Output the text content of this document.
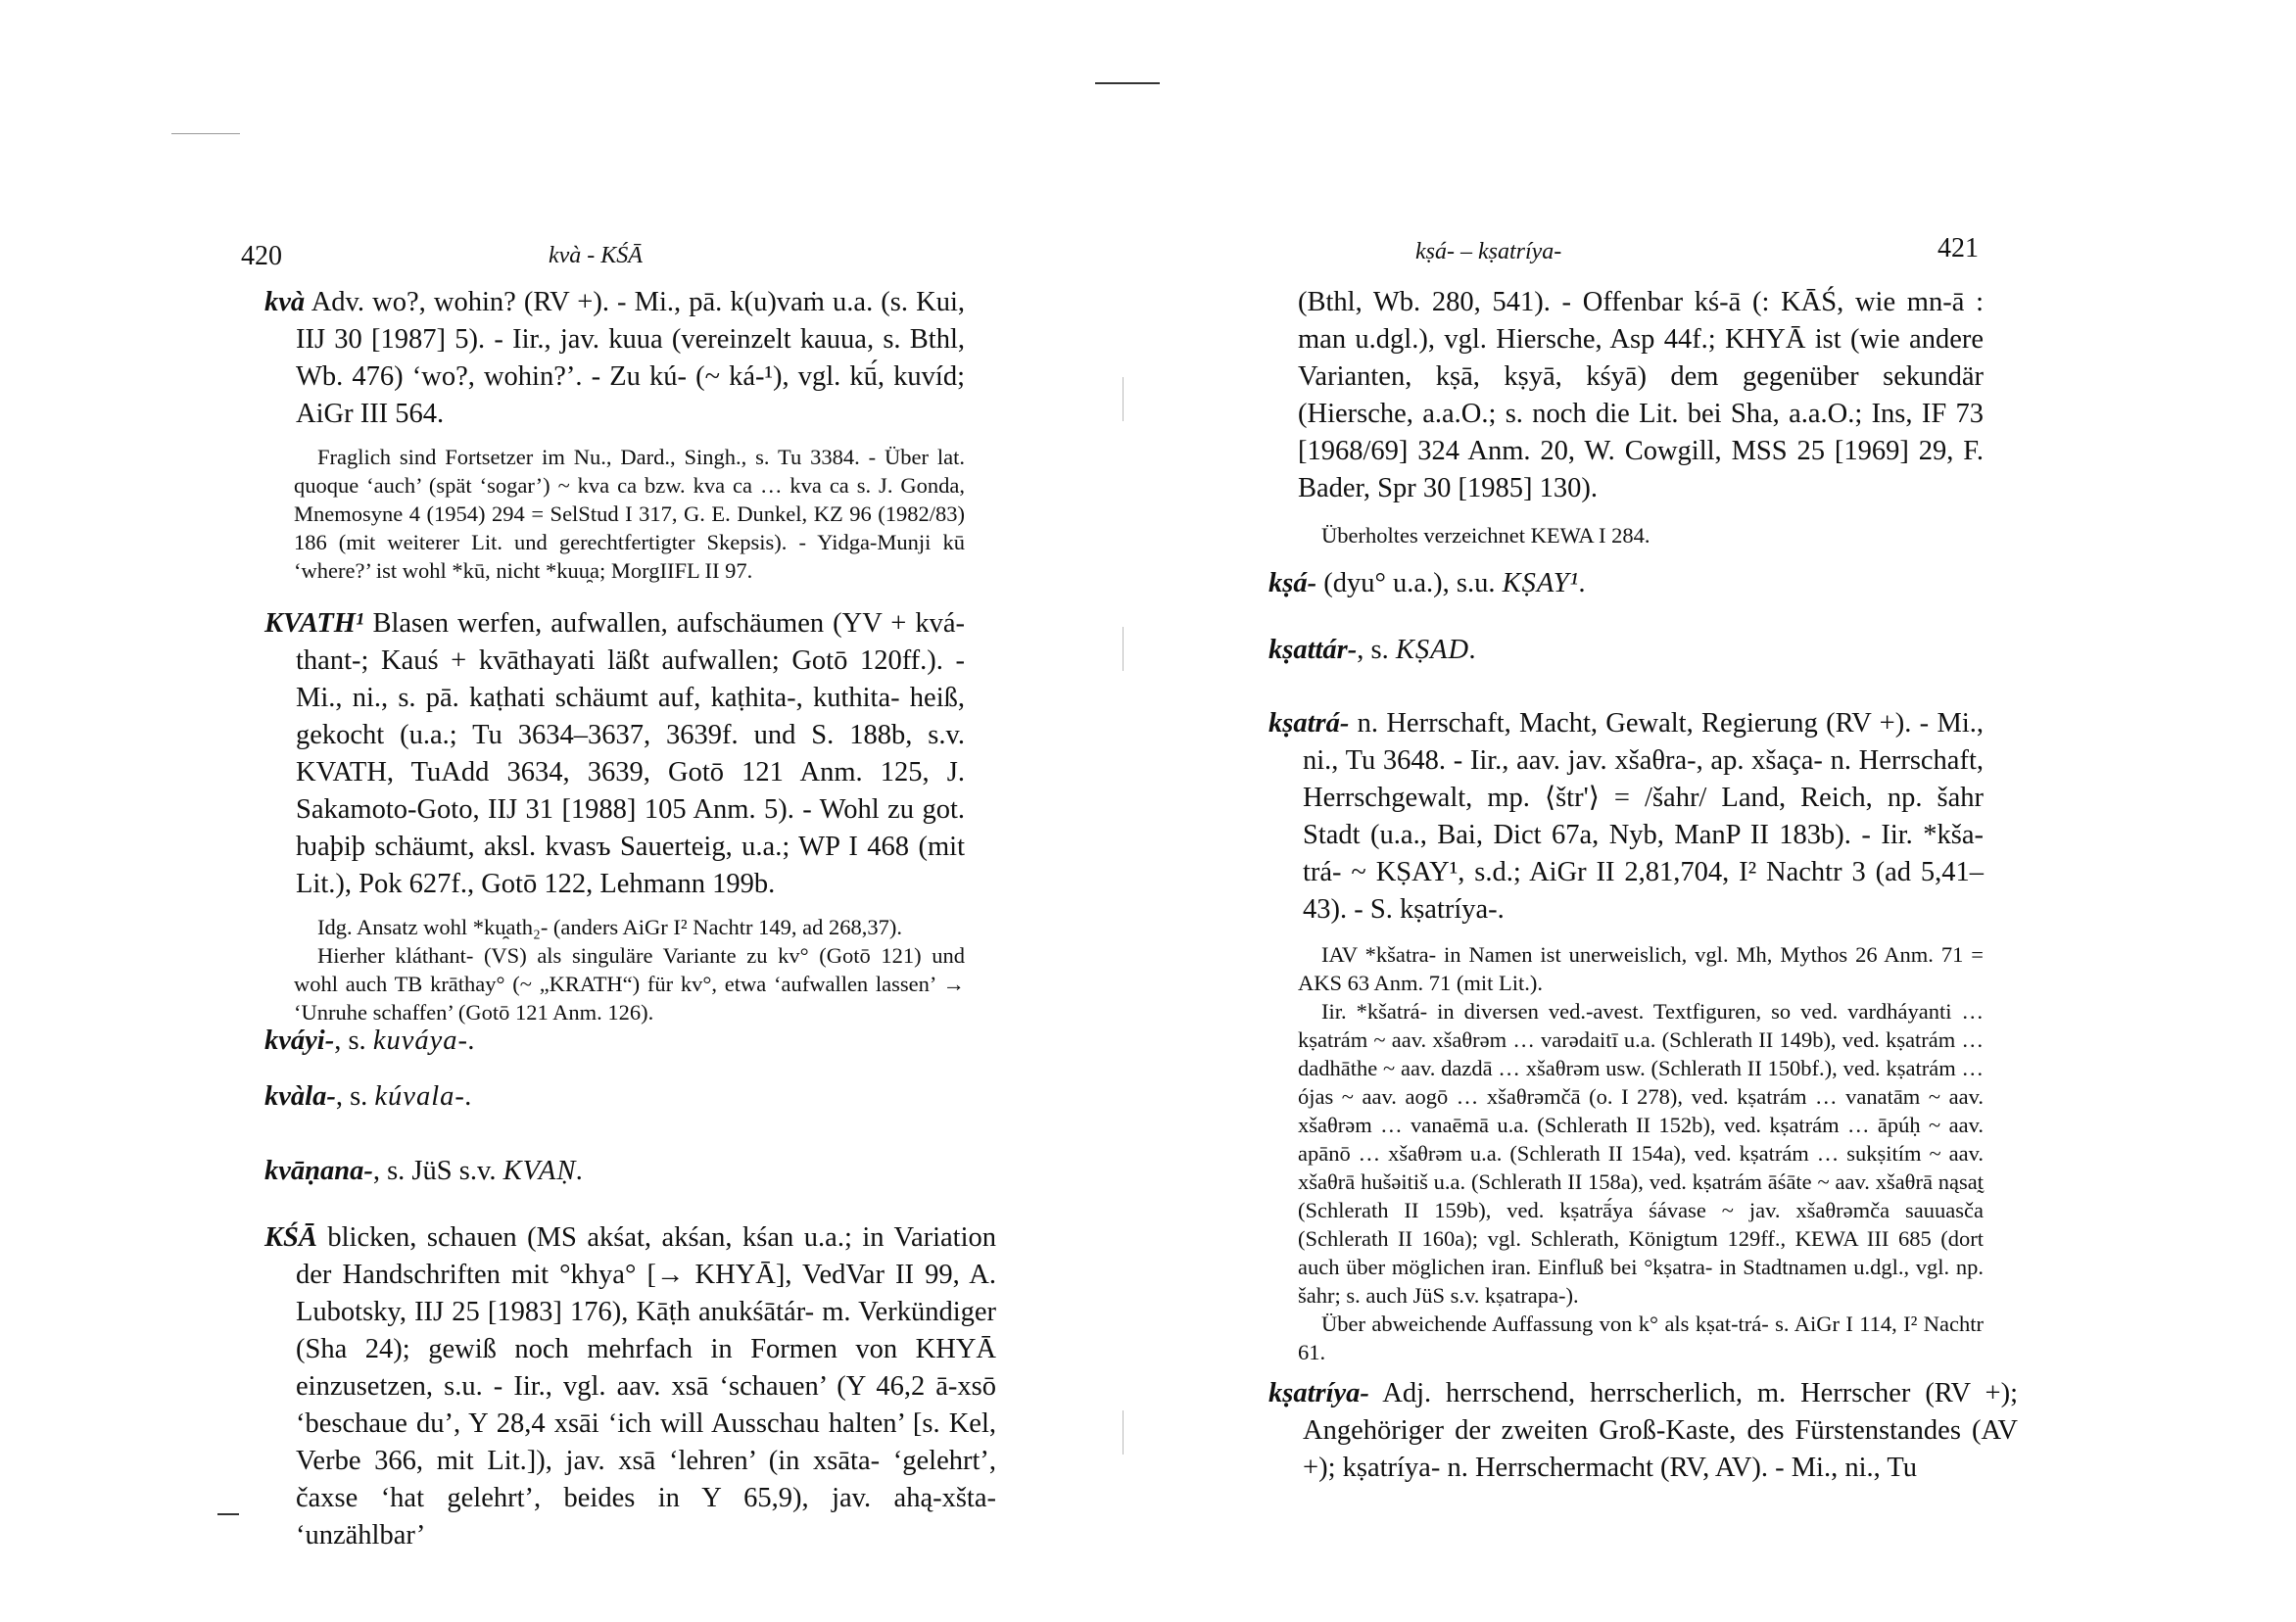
420	kvà - KŚĀ
kvà Adv. wo?, wohin? (RV +). - Mi., pā. k(u)vaṁ u.a. (s. Kui, IIJ 30 [1987] 5). - Iir., jav. kuua (vereinzelt kauua, s. Bthl, Wb. 476) ‘wo?, wohin?’. - Zu kú- (~ ká-¹), vgl. kū́, kuvíd; AiGr III 564.

Fraglich sind Fortsetzer im Nu., Dard., Singh., s. Tu 3384. - Über lat. quoque ‘auch’ (spät ‘sogar’) ~ kva ca bzw. kva ca … kva ca s. J. Gonda, Mnemosyne 4 (1954) 294 = SelStud I 317, G. E. Dunkel, KZ 96 (1982/83) 186 (mit weiterer Lit. und gerechtfertigter Skepsis). - Yidga-Munji kū ‘where?’ ist wohl *kū, nicht *kuu̯a; MorgIIFL II 97.

KVATH¹ Blasen werfen, aufwallen, aufschäumen (YV + kvá-thant-; Kauś + kvāthayati läßt aufwallen; Gotō 120ff.). - Mi., ni., s. pā. kaṭhati schäumt auf, kaṭhita-, kuthita- heiß, gekocht (u.a.; Tu 3634–3637, 3639f. und S. 188b, s.v. KVATH, TuAdd 3634, 3639, Gotō 121 Anm. 125, J. Sakamoto-Goto, IIJ 31 [1988] 105 Anm. 5). - Wohl zu got. ƕaþiþ schäumt, aksl. kvasъ Sauerteig, u.a.; WP I 468 (mit Lit.), Pok 627f., Gotō 122, Lehmann 199b.

Idg. Ansatz wohl *ku̯ath₂- (anders AiGr I² Nachtr 149, ad 268,37).

Hierher kláthant- (VS) als singuläre Variante zu kv° (Gotō 121) und wohl auch TB krāthay° (~ „KRATH“) für kv°, etwa ‘aufwallen lassen’ → ‘Unruhe schaffen’ (Gotō 121 Anm. 126).

kváyi-, s. kuváya-.
kvàla-, s. kúvala-.
kvāṇana-, s. JüS s.v. KVAṆ.
KŚĀ blicken, schauen (MS akśat, akśan, kśan u.a.; in Variation der Handschriften mit °khya° [→ KHYĀ], VedVar II 99, A. Lubotsky, IIJ 25 [1983] 176), Kāṭh anukśātár- m. Verkündiger (Sha 24); gewiß noch mehrfach in Formen von KHYĀ einzusetzen, s.u. - Iir., vgl. aav. xsā ‘schauen’ (Y 46,2 ā-xsō ‘beschaue du’, Y 28,4 xsāi ‘ich will Ausschau halten’ [s. Kel, Verbe 366, mit Lit.]), jav. xsā ‘lehren’ (in xsāta- ‘gelehrt’, čaxse ‘hat gelehrt’, beides in Y 65,9), jav. ahą-xšta- ‘unzählbar’
kṣá- – kṣatríya-	421
(Bthl, Wb. 280, 541). - Offenbar kś-ā (: KĀŚ, wie mn-ā : man u.dgl.), vgl. Hiersche, Asp 44f.; KHYĀ ist (wie andere Varianten, kṣā, kṣyā, kśyā) dem gegenüber sekundär (Hiersche, a.a.O.; s. noch die Lit. bei Sha, a.a.O.; Ins, IF 73 [1968/69] 324 Anm. 20, W. Cowgill, MSS 25 [1969] 29, F. Bader, Spr 30 [1985] 130).

Überholtes verzeichnet KEWA I 284.

kṣá- (dyu° u.a.), s.u. KṢAY¹.
kṣattár-, s. KṢAD.
kṣatrá- n. Herrschaft, Macht, Gewalt, Regierung (RV +). - Mi., ni., Tu 3648. - Iir., aav. jav. xšaθra-, ap. xšaça- n. Herrschaft, Herrschgewalt, mp. ⟨štr'⟩ = /šahr/ Land, Reich, np. šahr Stadt (u.a., Bai, Dict 67a, Nyb, ManP II 183b). - Iir. *kša-trá- ~ KṢAY¹, s.d.; AiGr II 2,81,704, I² Nachtr 3 (ad 5,41–43). - S. kṣatríya-.

IAV *kšatra- in Namen ist unerweislich, vgl. Mh, Mythos 26 Anm. 71 = AKS 63 Anm. 71 (mit Lit.).

Iir. *kšatrá- in diversen ved.-avest. Textfiguren, so ved. vardháyanti … kṣatrám ~ aav. xšaθrəm … varədaitī u.a. (Schlerath II 149b), ved. kṣatrám … dadhāthe ~ aav. dazdā … xšaθrəm usw. (Schlerath II 150bf.), ved. kṣatrám … ójas ~ aav. aogō … xšaθrəmčā (o. I 278), ved. kṣatrám … vanatām ~ aav. xšaθrəm … vanaēmā u.a. (Schlerath II 152b), ved. kṣatrám … āpúḥ ~ aav. apānō … xšaθrəm u.a. (Schlerath II 154a), ved. kṣatrám … sukṣitím ~ aav. xšaθrā hušəitiš u.a. (Schlerath II 158a), ved. kṣatrám āśāte ~ aav. xšaθrā nąsat̰ (Schlerath II 159b), ved. kṣatrā́ya śávase ~ jav. xšaθrəmča sauuasča (Schlerath II 160a); vgl. Schlerath, Königtum 129ff., KEWA III 685 (dort auch über möglichen iran. Einfluß bei °kṣatra- in Stadtnamen u.dgl., vgl. np. šahr; s. auch JüS s.v. kṣatrapa-).

Über abweichende Auffassung von k° als kṣat-trá- s. AiGr I 114, I² Nachtr 61.

kṣatríya- Adj. herrschend, herrscherlich, m. Herrscher (RV +); Angehöriger der zweiten Groß-Kaste, des Fürstenstandes (AV +); kṣatríya- n. Herrschermacht (RV, AV). - Mi., ni., Tu
